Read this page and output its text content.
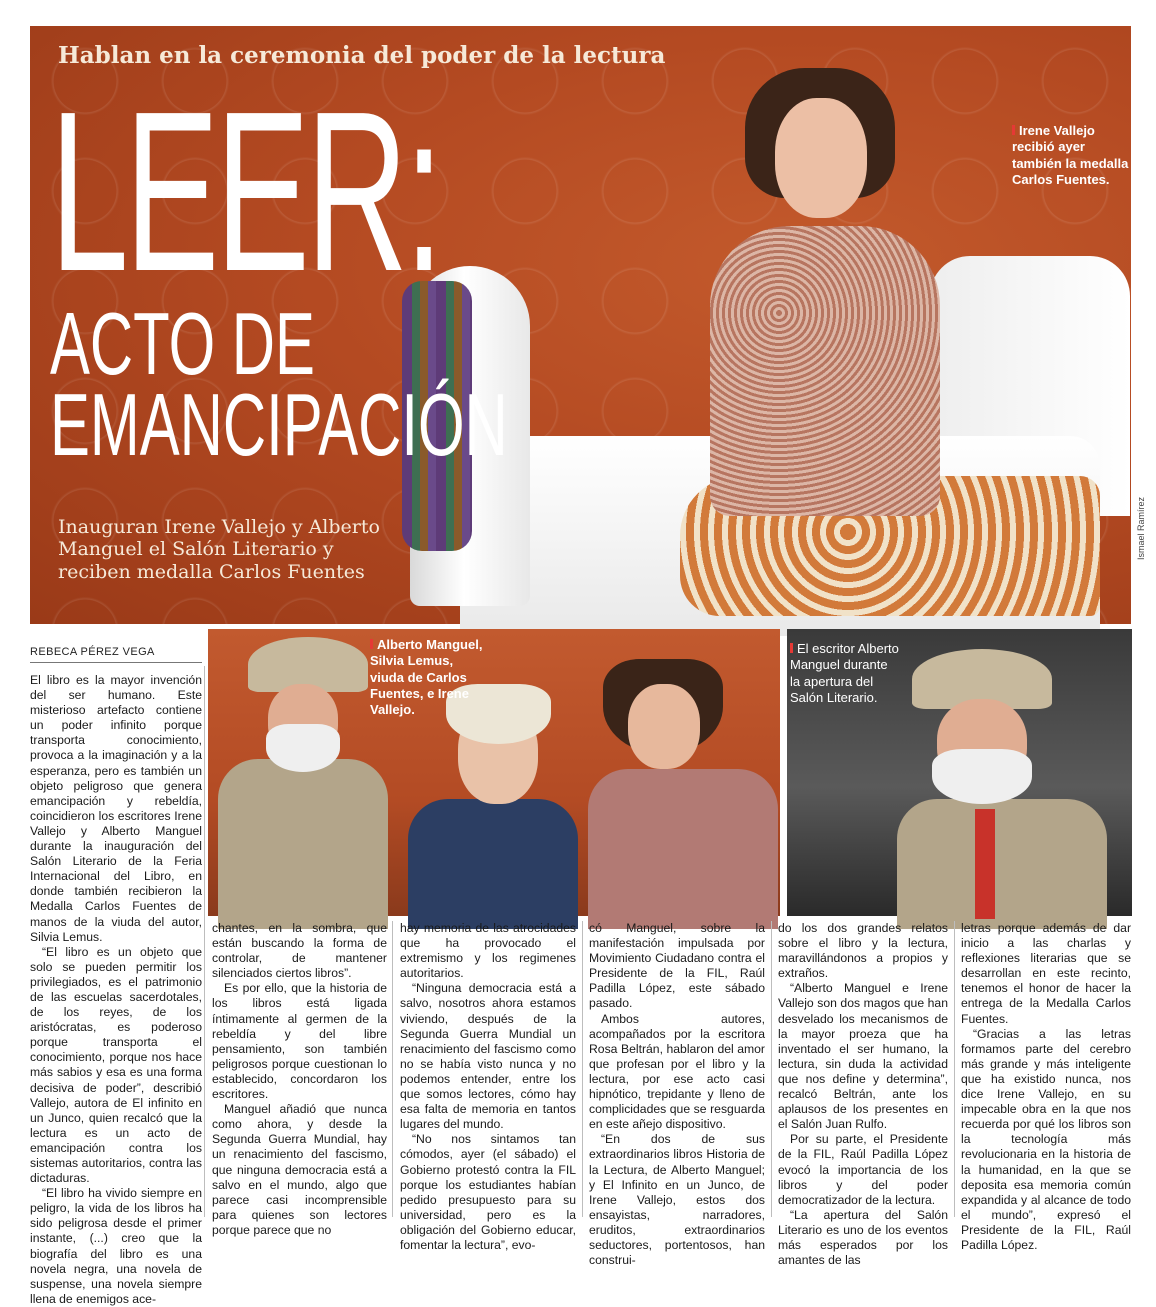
Hablan en la ceremonia del poder de la lectura
LEER:
ACTO DE
EMANCIPACIÓN
Inauguran Irene Vallejo y Alberto Manguel el Salón Literario y reciben medalla Carlos Fuentes
Irene Vallejo recibió ayer también la medalla Carlos Fuentes.
Ismael Ramírez
Alberto Manguel, Silvia Lemus, viuda de Carlos Fuentes, e Irene Vallejo.
El escritor Alberto Manguel durante la apertura del Salón Literario.
REBECA PÉREZ VEGA

El libro es la mayor invención del ser humano. Este misterioso artefacto contiene un poder infinito porque transporta conocimiento, provoca a la imaginación y a la esperanza, pero es también un objeto peligroso que genera emancipación y rebeldía, coincidieron los escritores Irene Vallejo y Alberto Manguel durante la inauguración del Salón Literario de la Feria Internacional del Libro, en donde también recibieron la Medalla Carlos Fuentes de manos de la viuda del autor, Silvia Lemus.

“El libro es un objeto que solo se pueden permitir los privilegiados, es el patrimonio de las escuelas sacerdotales, de los reyes, de los aristócratas, es poderoso porque transporta el conocimiento, porque nos hace más sabios y esa es una forma decisiva de poder”, describió Vallejo, autora de El infinito en un Junco, quien recalcó que la lectura es un acto de emancipación contra los sistemas autoritarios, contra las dictaduras.

“El libro ha vivido siempre en peligro, la vida de los libros ha sido peligrosa desde el primer instante, (...) creo que la biografía del libro es una novela negra, una novela de suspense, una novela siempre llena de enemigos ace-

chantes, en la sombra, que están buscando la forma de controlar, de mantener silenciados ciertos libros”.

Es por ello, que la historia de los libros está ligada íntimamente al germen de la rebeldía y del libre pensamiento, son también peligrosos porque cuestionan lo establecido, concordaron los escritores.

Manguel añadió que nunca como ahora, y desde la Segunda Guerra Mundial, hay un renacimiento del fascismo, que ninguna democracia está a salvo en el mundo, algo que parece casi incomprensible para quienes son lectores porque parece que no

hay memoria de las atrocidades que ha provocado el extremismo y los regimenes autoritarios.

“Ninguna democracia está a salvo, nosotros ahora estamos viviendo, después de la Segunda Guerra Mundial un renacimiento del fascismo como no se había visto nunca y no podemos entender, entre los que somos lectores, cómo hay esa falta de memoria en tantos lugares del mundo.

“No nos sintamos tan cómodos, ayer (el sábado) el Gobierno protestó contra la FIL porque los estudiantes habían pedido presupuesto para su universidad, pero es la obligación del Gobierno educar, fomentar la lectura”, evo-

có Manguel, sobre la manifestación impulsada por Movimiento Ciudadano contra el Presidente de la FIL, Raúl Padilla López, este sábado pasado.

Ambos autores, acompañados por la escritora Rosa Beltrán, hablaron del amor que profesan por el libro y la lectura, por ese acto casi hipnótico, trepidante y lleno de complicidades que se resguarda en este añejo dispositivo.

“En dos de sus extraordinarios libros Historia de la Lectura, de Alberto Manguel; y El Infinito en un Junco, de Irene Vallejo, estos dos ensayistas, narradores, eruditos, extraordinarios seductores, portentosos, han construi-

do los dos grandes relatos sobre el libro y la lectura, maravillándonos a propios y extraños.

“Alberto Manguel e Irene Vallejo son dos magos que han desvelado los mecanismos de la mayor proeza que ha inventado el ser humano, la lectura, sin duda la actividad que nos define y determina”, recalcó Beltrán, ante los aplausos de los presentes en el Salón Juan Rulfo.

Por su parte, el Presidente de la FIL, Raúl Padilla López evocó la importancia de los libros y del poder democratizador de la lectura.

“La apertura del Salón Literario es uno de los eventos más esperados por los amantes de las

letras porque además de dar inicio a las charlas y reflexiones literarias que se desarrollan en este recinto, tenemos el honor de hacer la entrega de la Medalla Carlos Fuentes.

“Gracias a las letras formamos parte del cerebro más grande y más inteligente que ha existido nunca, nos dice Irene Vallejo, en su impecable obra en la que nos recuerda por qué los libros son la tecnología más revolucionaria en la historia de la humanidad, en la que se deposita esa memoria común expandida y al alcance de todo el mundo”, expresó el Presidente de la FIL, Raúl Padilla López.
